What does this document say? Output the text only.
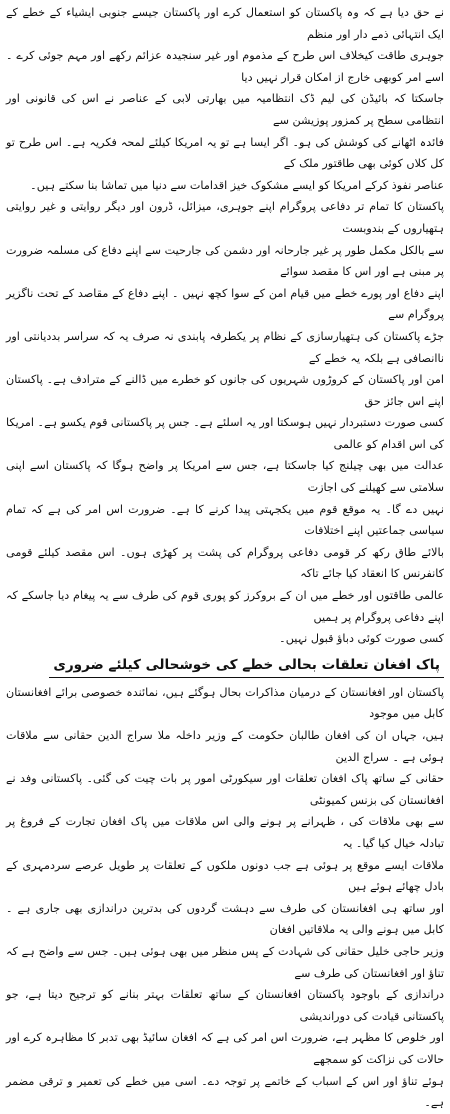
نے حق دیا ہے کہ وہ پاکستان کو استعمال کرے اور پاکستان جیسے جنوبی ایشیاء کے خطے کے ایک انتہائی ذمے دار اور منظم
جوہری طاقت کیخلاف اس طرح کے مذموم اور غیر سنجیدہ عزائم رکھے اور مہم جوئی کرے ۔ اسے امر کوبھی خارج از امکان قرار نہیں دیا
جاسکتا کہ بائیڈن کی لیم ڈک انتظامیہ میں بھارتی لابی کے عناصر نے اس کی قانونی اور انتظامی سطح پر کمزور پوزیشن سے
فائدہ اٹھانے کی کوشش کی ہو۔ اگر ایسا ہے تو یہ امریکا کیلئے لمحہ فکریہ ہے۔ اس طرح تو کل کلاں کوئی بھی طاقتور ملک کے
عناصر نفوذ کرکے امریکا کو ایسے مشکوک خیز اقدامات سے دنیا میں تماشا بنا سکتے ہیں۔

پاکستان کا تمام تر دفاعی پروگرام اپنے جوہری، میزائل، ڈرون اور دیگر روایتی و غیر روایتی ہتھیاروں کے بندوبست
سے بالکل مکمل طور پر غیر جارحانہ اور دشمن کی جارحیت سے اپنے دفاع کی مسلمہ ضرورت پر مبنی ہے اور اس کا مقصد سوائے
اپنے دفاع اور پورے خطے میں قیام امن کے سوا کچھ نہیں ۔ اپنے دفاع کے مقاصد کے تحت ناگزیر پروگرام سے
جڑے پاکستان کی ہتھیارسازی کے نظام پر یکطرفہ پابندی نہ صرف یہ کہ سراسر بددیانتی اور ناانصافی ہے بلکہ یہ خطے کے
امن اور پاکستان کے کروڑوں شہریوں کی جانوں کو خطرے میں ڈالنے کے مترادف ہے۔ پاکستان اپنے اس جائز حق
کسی صورت دستبردار نہیں ہوسکتا اور یہ اسلئے ہے۔ جس پر پاکستانی قوم یکسو ہے۔ امریکا کی اس اقدام کو عالمی
عدالت میں بھی چیلنج کیا جاسکتا ہے، جس سے امریکا پر واضح ہوگا کہ پاکستان اسے اپنی سلامتی سے کھیلنے کی اجازت
نہیں دے گا۔ یہ موقع قوم میں یکجہتی پیدا کرنے کا ہے۔ ضرورت اس امر کی ہے کہ تمام سیاسی جماعتیں اپنے اختلافات
بالائے طاق رکھ کر قومی دفاعی پروگرام کی پشت پر کھڑی ہوں۔ اس مقصد کیلئے قومی کانفرنس کا انعقاد کیا جائے تاکہ
عالمی طاقتوں اور خطے میں ان کے بروکرز کو پوری قوم کی طرف سے یہ پیغام دیا جاسکے کہ اپنے دفاعی پروگرام پر ہمیں
کسی صورت کوئی دباؤ قبول نہیں۔

پاک افغان تعلقات بحالی خطے کی خوشحالی کیلئے ضروری

پاکستان اور افغانستان کے درمیان مذاکرات بحال ہوگئے ہیں، نمائندہ خصوصی برائے افغانستان کابل میں موجود
ہیں، جہاں ان کی افغان طالبان حکومت کے وزیر داخلہ ملا سراج الدین حقانی سے ملاقات ہوئی ہے ۔ سراج الدین
حقانی کے ساتھ پاک افغان تعلقات اور سیکورٹی امور پر بات چیت کی گئی۔ پاکستانی وفد نے افغانستان کی بزنس کمیونٹی
سے بھی ملاقات کی ، ظہرانے پر ہونے والی اس ملاقات میں پاک افغان تجارت کے فروغ پر تبادلہ خیال کیا گیا۔ یہ
ملاقات ایسے موقع پر ہوئی ہے جب دونوں ملکوں کے تعلقات پر طویل عرصے سردمہری کے بادل چھائے ہوئے ہیں
اور ساتھ ہی افغانستان کی طرف سے دہشت گردوں کی بدترین دراندازی بھی جاری ہے ۔ کابل میں ہونے والی یہ ملاقاتیں افغان
وزیر حاجی خلیل حقانی کی شہادت کے پس منظر میں بھی ہوئی ہیں۔ جس سے واضح ہے کہ تناؤ اور افغانستان کی طرف سے
دراندازی کے باوجود پاکستان افغانستان کے ساتھ تعلقات بہتر بنانے کو ترجیح دیتا ہے، جو پاکستانی قیادت کی دوراندیشی
اور خلوص کا مظہر ہے، ضرورت اس امر کی ہے کہ افغان سائیڈ بھی تدبر کا مظاہرہ کرے اور حالات کی نزاکت کو سمجھے
ہوئے تناؤ اور اس کے اسباب کے خاتمے پر توجہ دے۔ اسی میں خطے کی تعمیر و ترقی مضمر ہے۔
